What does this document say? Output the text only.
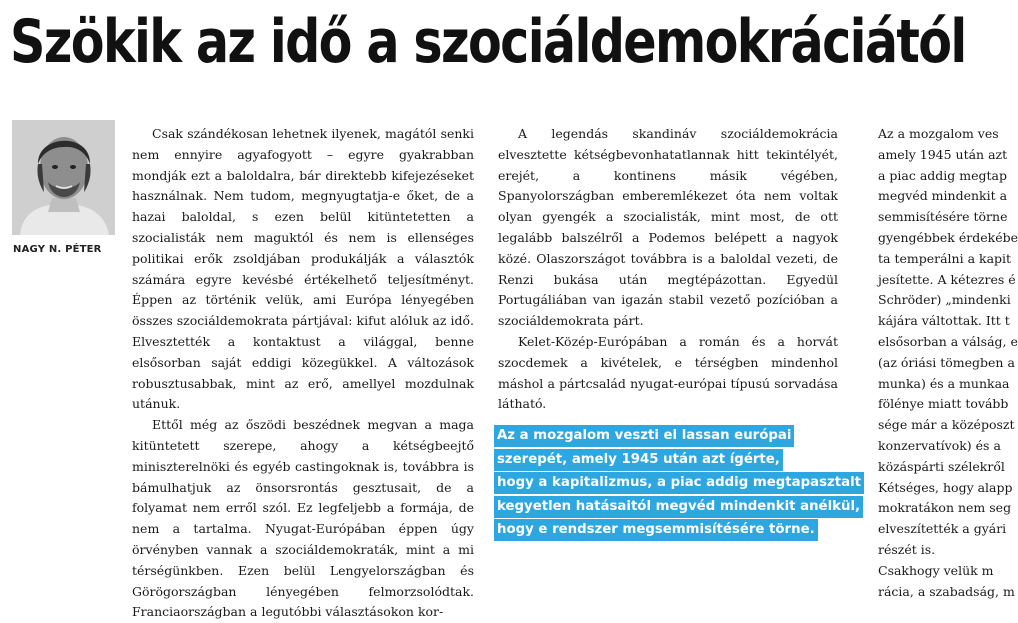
Szökik az idő a szociáldemokráciától
NAGY N. PÉTER

Csak szándékosan lehetnek ilyenek, magától senki nem ennyire agyafogyott – egyre gyakrabban mondják ezt a baloldalra, bár direktebb kifejezéseket használnak. Nem tudom, megnyugtatja-e őket, de a hazai baloldal, s ezen belül kitüntetetten a szocialisták nem maguktól és nem is ellenséges politikai erők zsoldjában produkálják a választók számára egyre kevésbé értékelhető teljesítményt. Éppen az történik velük, ami Európa lényegében összes szociáldemokrata pártjával: kifut alóluk az idő. Elvesztették a kontaktust a világgal, benne elsősorban saját eddigi közegükkel. A változások robusztusabbak, mint az erő, amellyel mozdulnak utánuk.

Ettől még az őszödi beszédnek megvan a maga kitüntetett szerepe, ahogy a kétségbeejtő miniszterelnöki és egyéb castingoknak is, továbbra is bámulhatjuk az önsorsrontás gesztusait, de a folyamat nem erről szól. Ez legfeljebb a formája, de nem a tartalma. Nyugat-Európában éppen úgy örvényben vannak a szociáldemokraták, mint a mi térségünkben. Ezen belül Lengyelországban és Görögországban lényegében felmorzsolódtak. Franciaországban a legutóbbi választásokon kor-

A legendás skandináv szociáldemokrácia elvesztette kétségbevonhatatlannak hitt tekintélyét, erejét, a kontinens másik végében, Spanyolországban emberemlékezet óta nem voltak olyan gyengék a szocialisták, mint most, de ott legalább balszélről a Podemos belépett a nagyok közé. Olaszországot továbbra is a baloldal vezeti, de Renzi bukása után megtépázottan. Egyedül Portugáliában van igazán stabil vezető pozícióban a szociáldemokrata párt.

Kelet-Közép-Európában a román és a horvát szocdemek a kivételek, e térségben mindenhol máshol a pártcsalád nyugat-európai típusú sorvadása látható.

Az a mozgalom veszti el lassan európai
szerepét, amely 1945 után azt ígérte,
hogy a kapitalizmus, a piac addig megtapasztalt
kegyetlen hatásaitól megvéd mindenkit anélkül,
hogy e rendszer megsemmisítésére törne.

Az a mozgalom ves

amely 1945 után azt

a piac addig megtap

megvéd mindenkit a

semmisítésére törne

gyengébbek érdekébe

ta temperálni a kapit

jesítette. A kétezres é

Schröder) „mindenki

kájára váltottak. Itt t

elsősorban a válság, e

(az óriási tömegben a

munka) és a munkaa

fölénye miatt tovább

sége már a középoszt

konzervatívok) és a

közáspárti szélekről

Kétséges, hogy alapp

mokratákon nem seg

elveszítették a gyári

részét is.

Csakhogy velük m

rácia, a szabadság, m
